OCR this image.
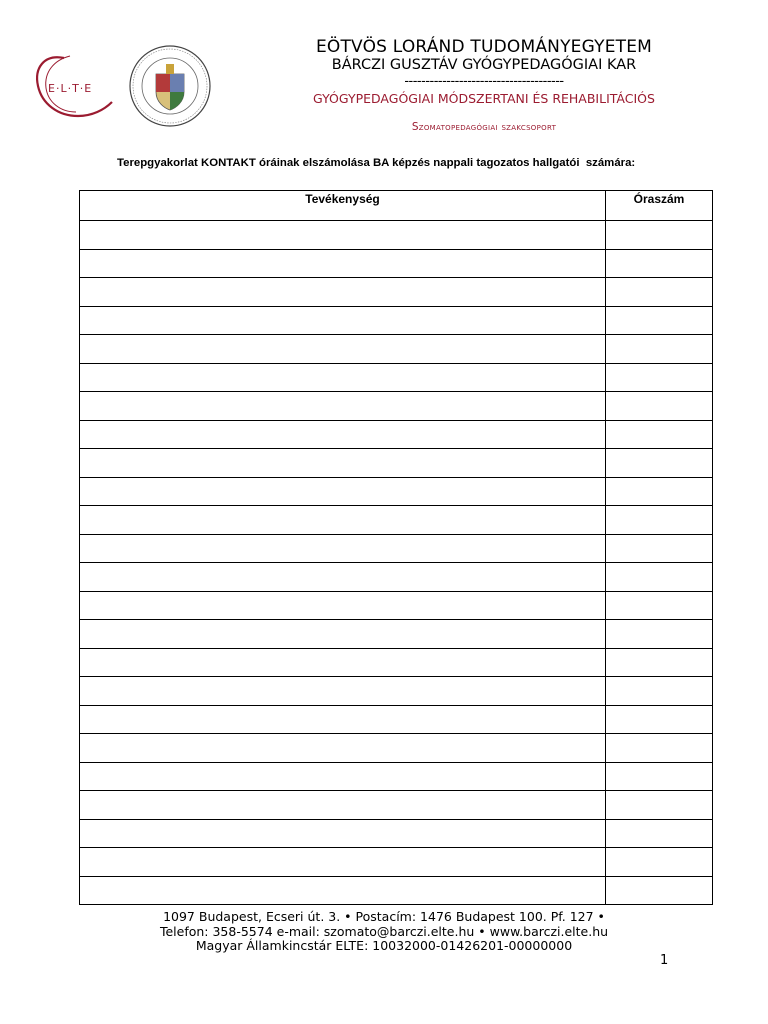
E·L·T·E
EÖTVÖS LORÁND TUDOMÁNYEGYETEM
BÁRCZI GUSZTÁV GYÓGYPEDAGÓGIAI KAR
--------------------------------------
GYÓGYPEDAGÓGIAI MÓDSZERTANI ÉS REHABILITÁCIÓS
Szomatopedagógiai szakcsoport
Terepgyakorlat KONTAKT óráinak elszámolása BA képzés nappali tagozatos hallgatói  számára:
Tevékenység	Óraszám

1097 Budapest, Ecseri út. 3. • Postacím: 1476 Budapest 100. Pf. 127 •
Telefon: 358-5574 e-mail: szomato@barczi.elte.hu • www.barczi.elte.hu
Magyar Államkincstár ELTE: 10032000-01426201-00000000
1
